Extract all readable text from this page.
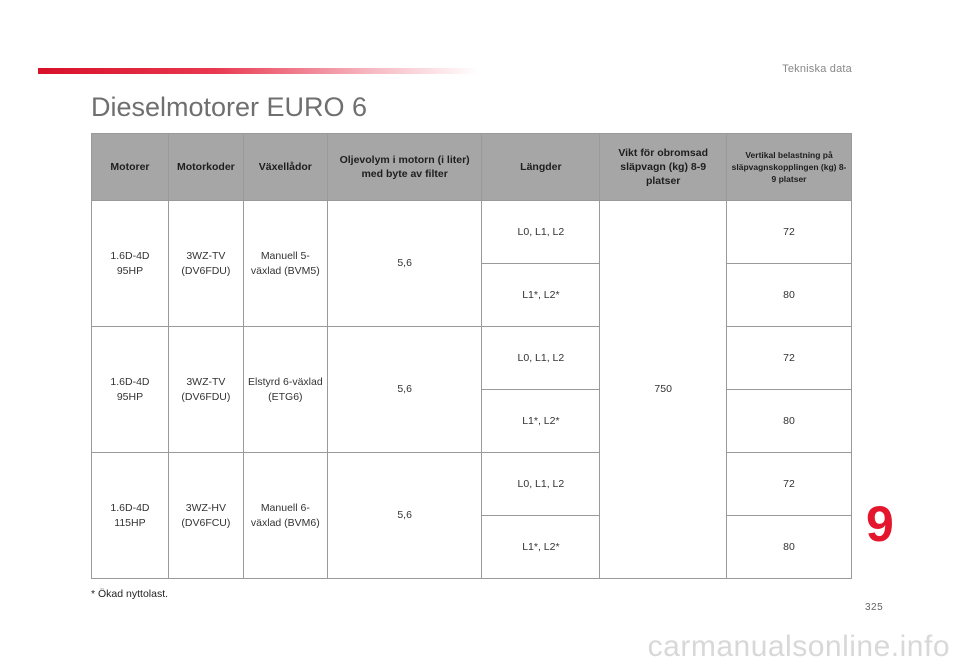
Tekniska data
Dieselmotorer EURO 6
Motorer	Motorkoder	Växellådor	Oljevolym i motorn (i liter) med byte av filter	Längder	Vikt för obromsad släpvagn (kg) 8-9 platser	Vertikal belastning på släpvagnskopplingen (kg) 8-9 platser
1.6D-4D 95HP	3WZ-TV (DV6FDU)	Manuell 5-växlad (BVM5)	5,6	L0, L1, L2	750	72
				L1*, L2*		80
1.6D-4D 95HP	3WZ-TV (DV6FDU)	Elstyrd 6-växlad (ETG6)	5,6	L0, L1, L2		72
				L1*, L2*		80
1.6D-4D 115HP	3WZ-HV (DV6FCU)	Manuell 6-växlad (BVM6)	5,6	L0, L1, L2		72
				L1*, L2*		80
* Ökad nyttolast.
9
325
carmanualsonline.info
